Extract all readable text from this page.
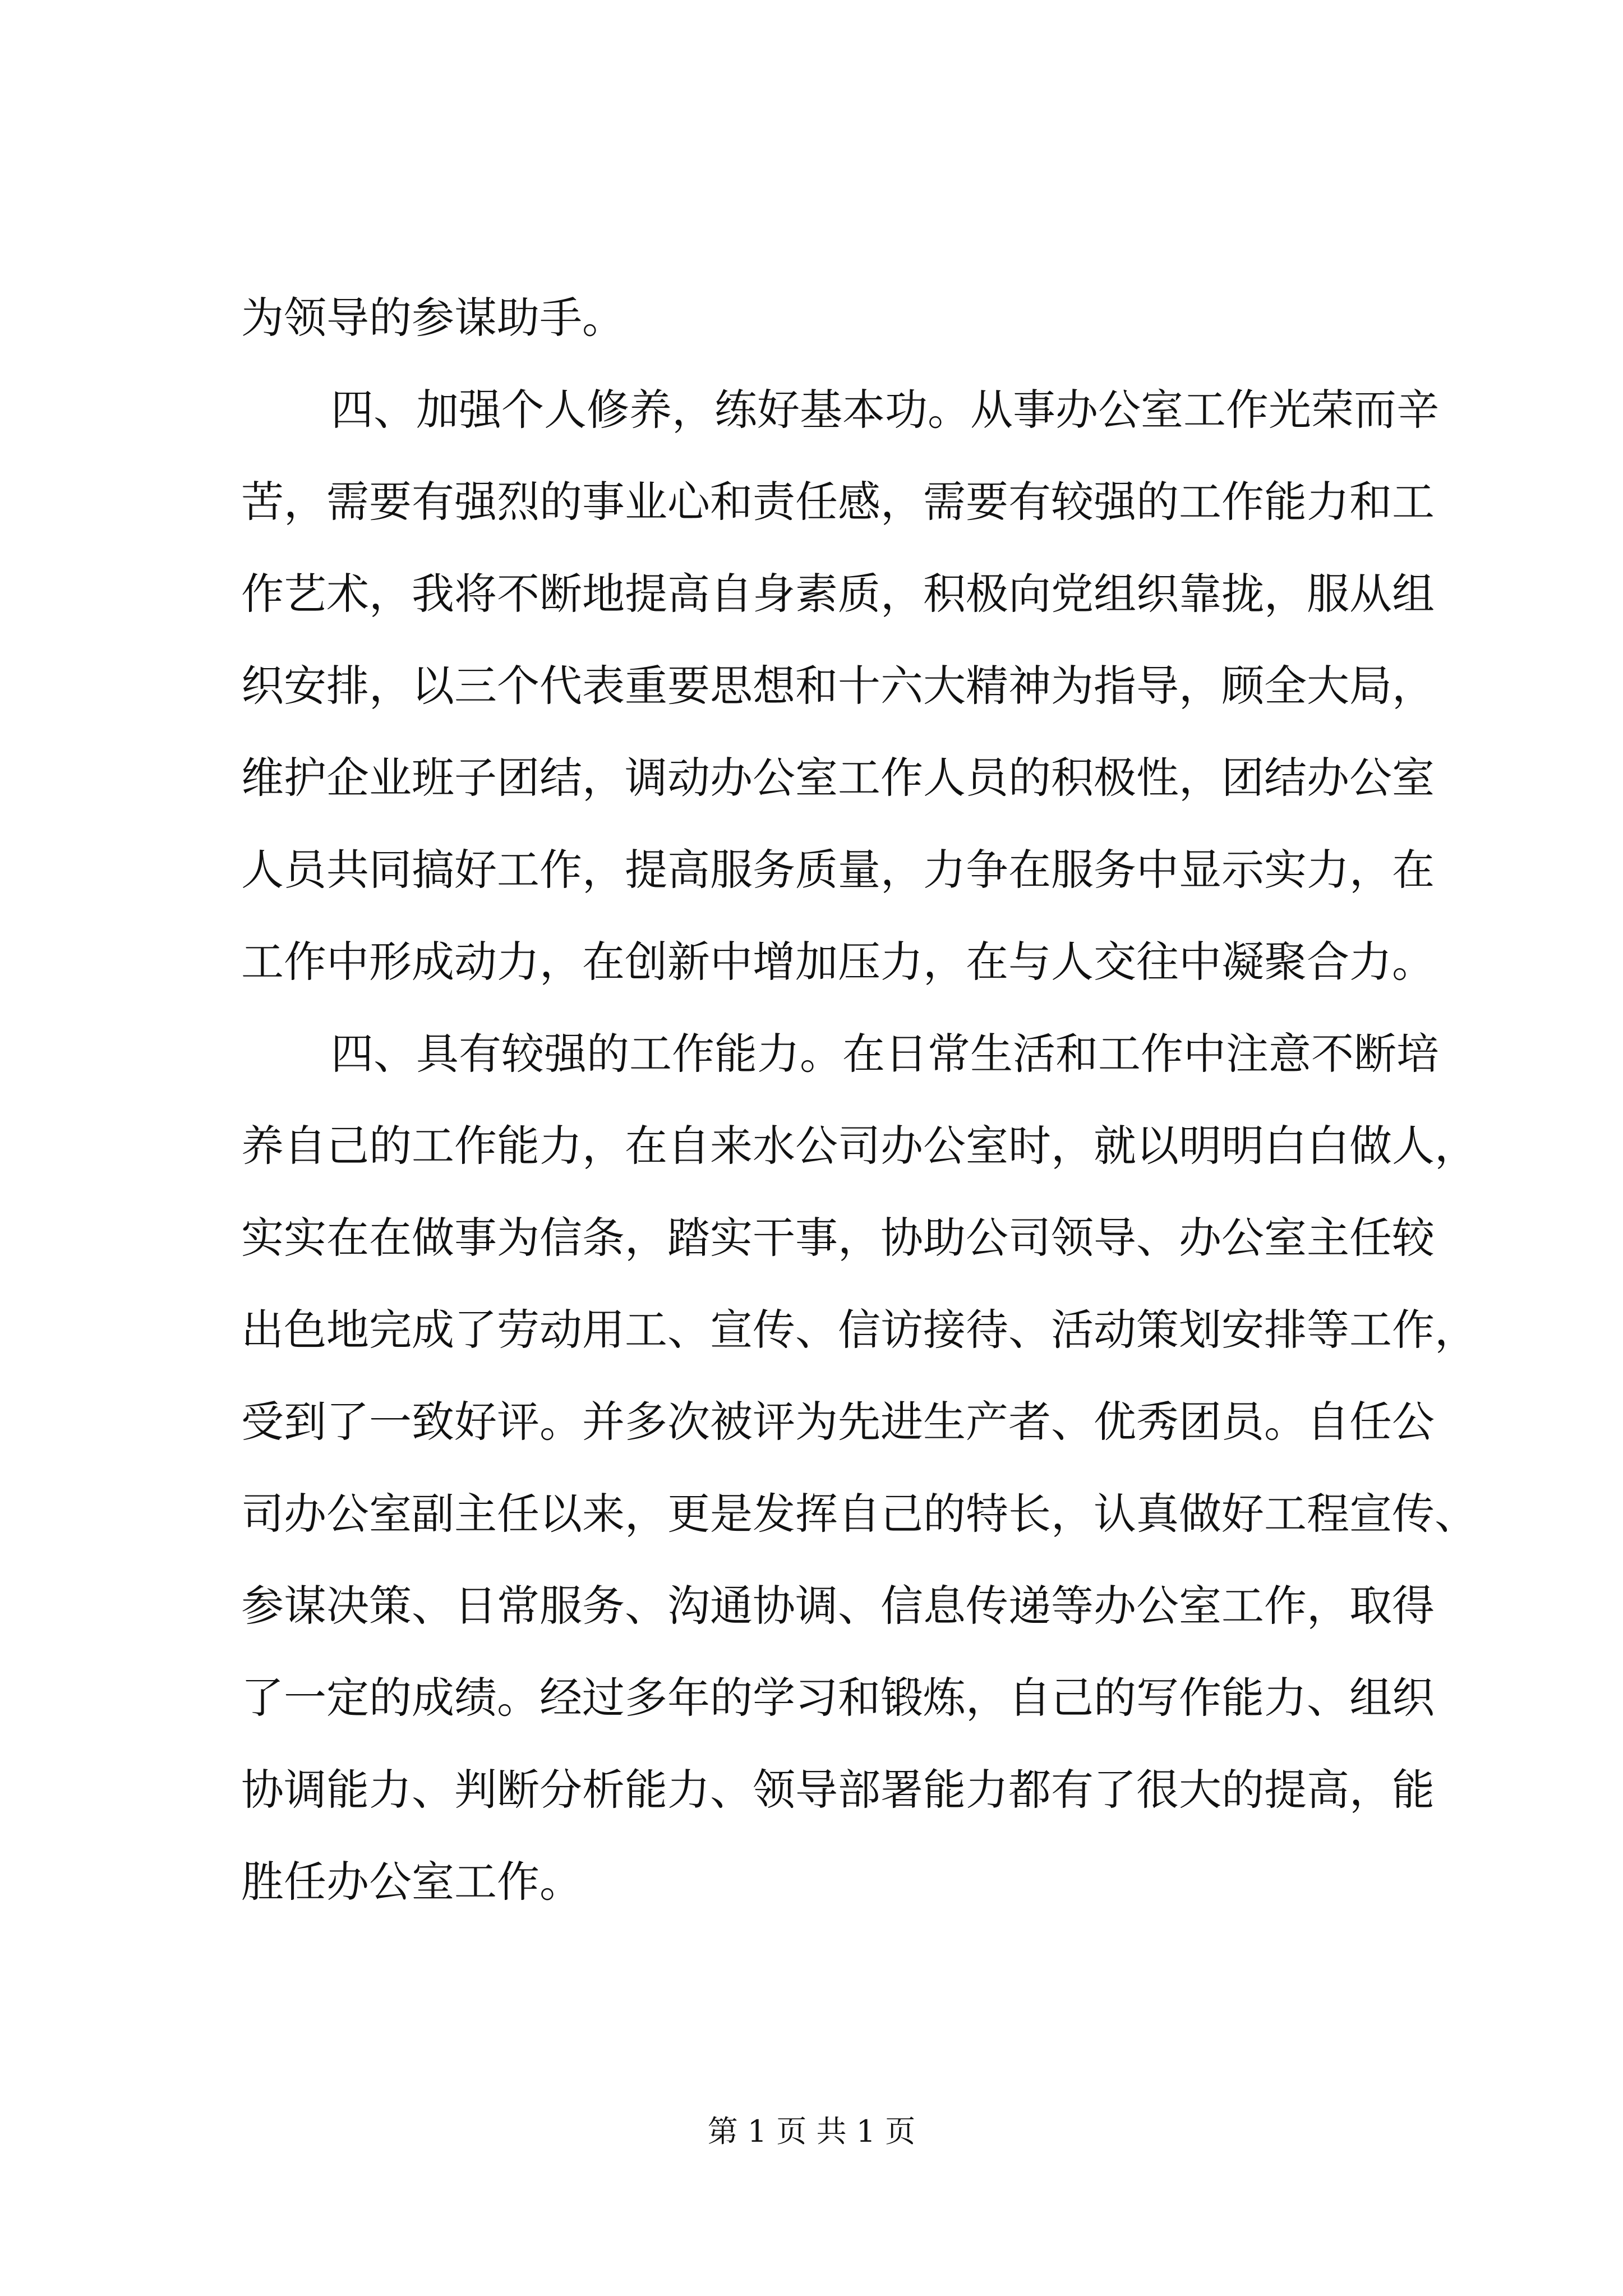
为领导的参谋助手。
四、加强个人修养，练好基本功。从事办公室工作光荣而辛
苦，需要有强烈的事业心和责任感，需要有较强的工作能力和工
作艺术，我将不断地提高自身素质，积极向党组织靠拢，服从组
织安排，以三个代表重要思想和十六大精神为指导，顾全大局，
维护企业班子团结，调动办公室工作人员的积极性，团结办公室
人员共同搞好工作，提高服务质量，力争在服务中显示实力，在
工作中形成动力，在创新中增加压力，在与人交往中凝聚合力。
四、具有较强的工作能力。在日常生活和工作中注意不断培
养自己的工作能力，在自来水公司办公室时，就以明明白白做人，
实实在在做事为信条，踏实干事，协助公司领导、办公室主任较
出色地完成了劳动用工、宣传、信访接待、活动策划安排等工作，
受到了一致好评。并多次被评为先进生产者、优秀团员。自任公
司办公室副主任以来，更是发挥自己的特长，认真做好工程宣传、
参谋决策、日常服务、沟通协调、信息传递等办公室工作，取得
了一定的成绩。经过多年的学习和锻炼，自己的写作能力、组织
协调能力、判断分析能力、领导部署能力都有了很大的提高，能
胜任办公室工作。
第 1 页 共 1 页
